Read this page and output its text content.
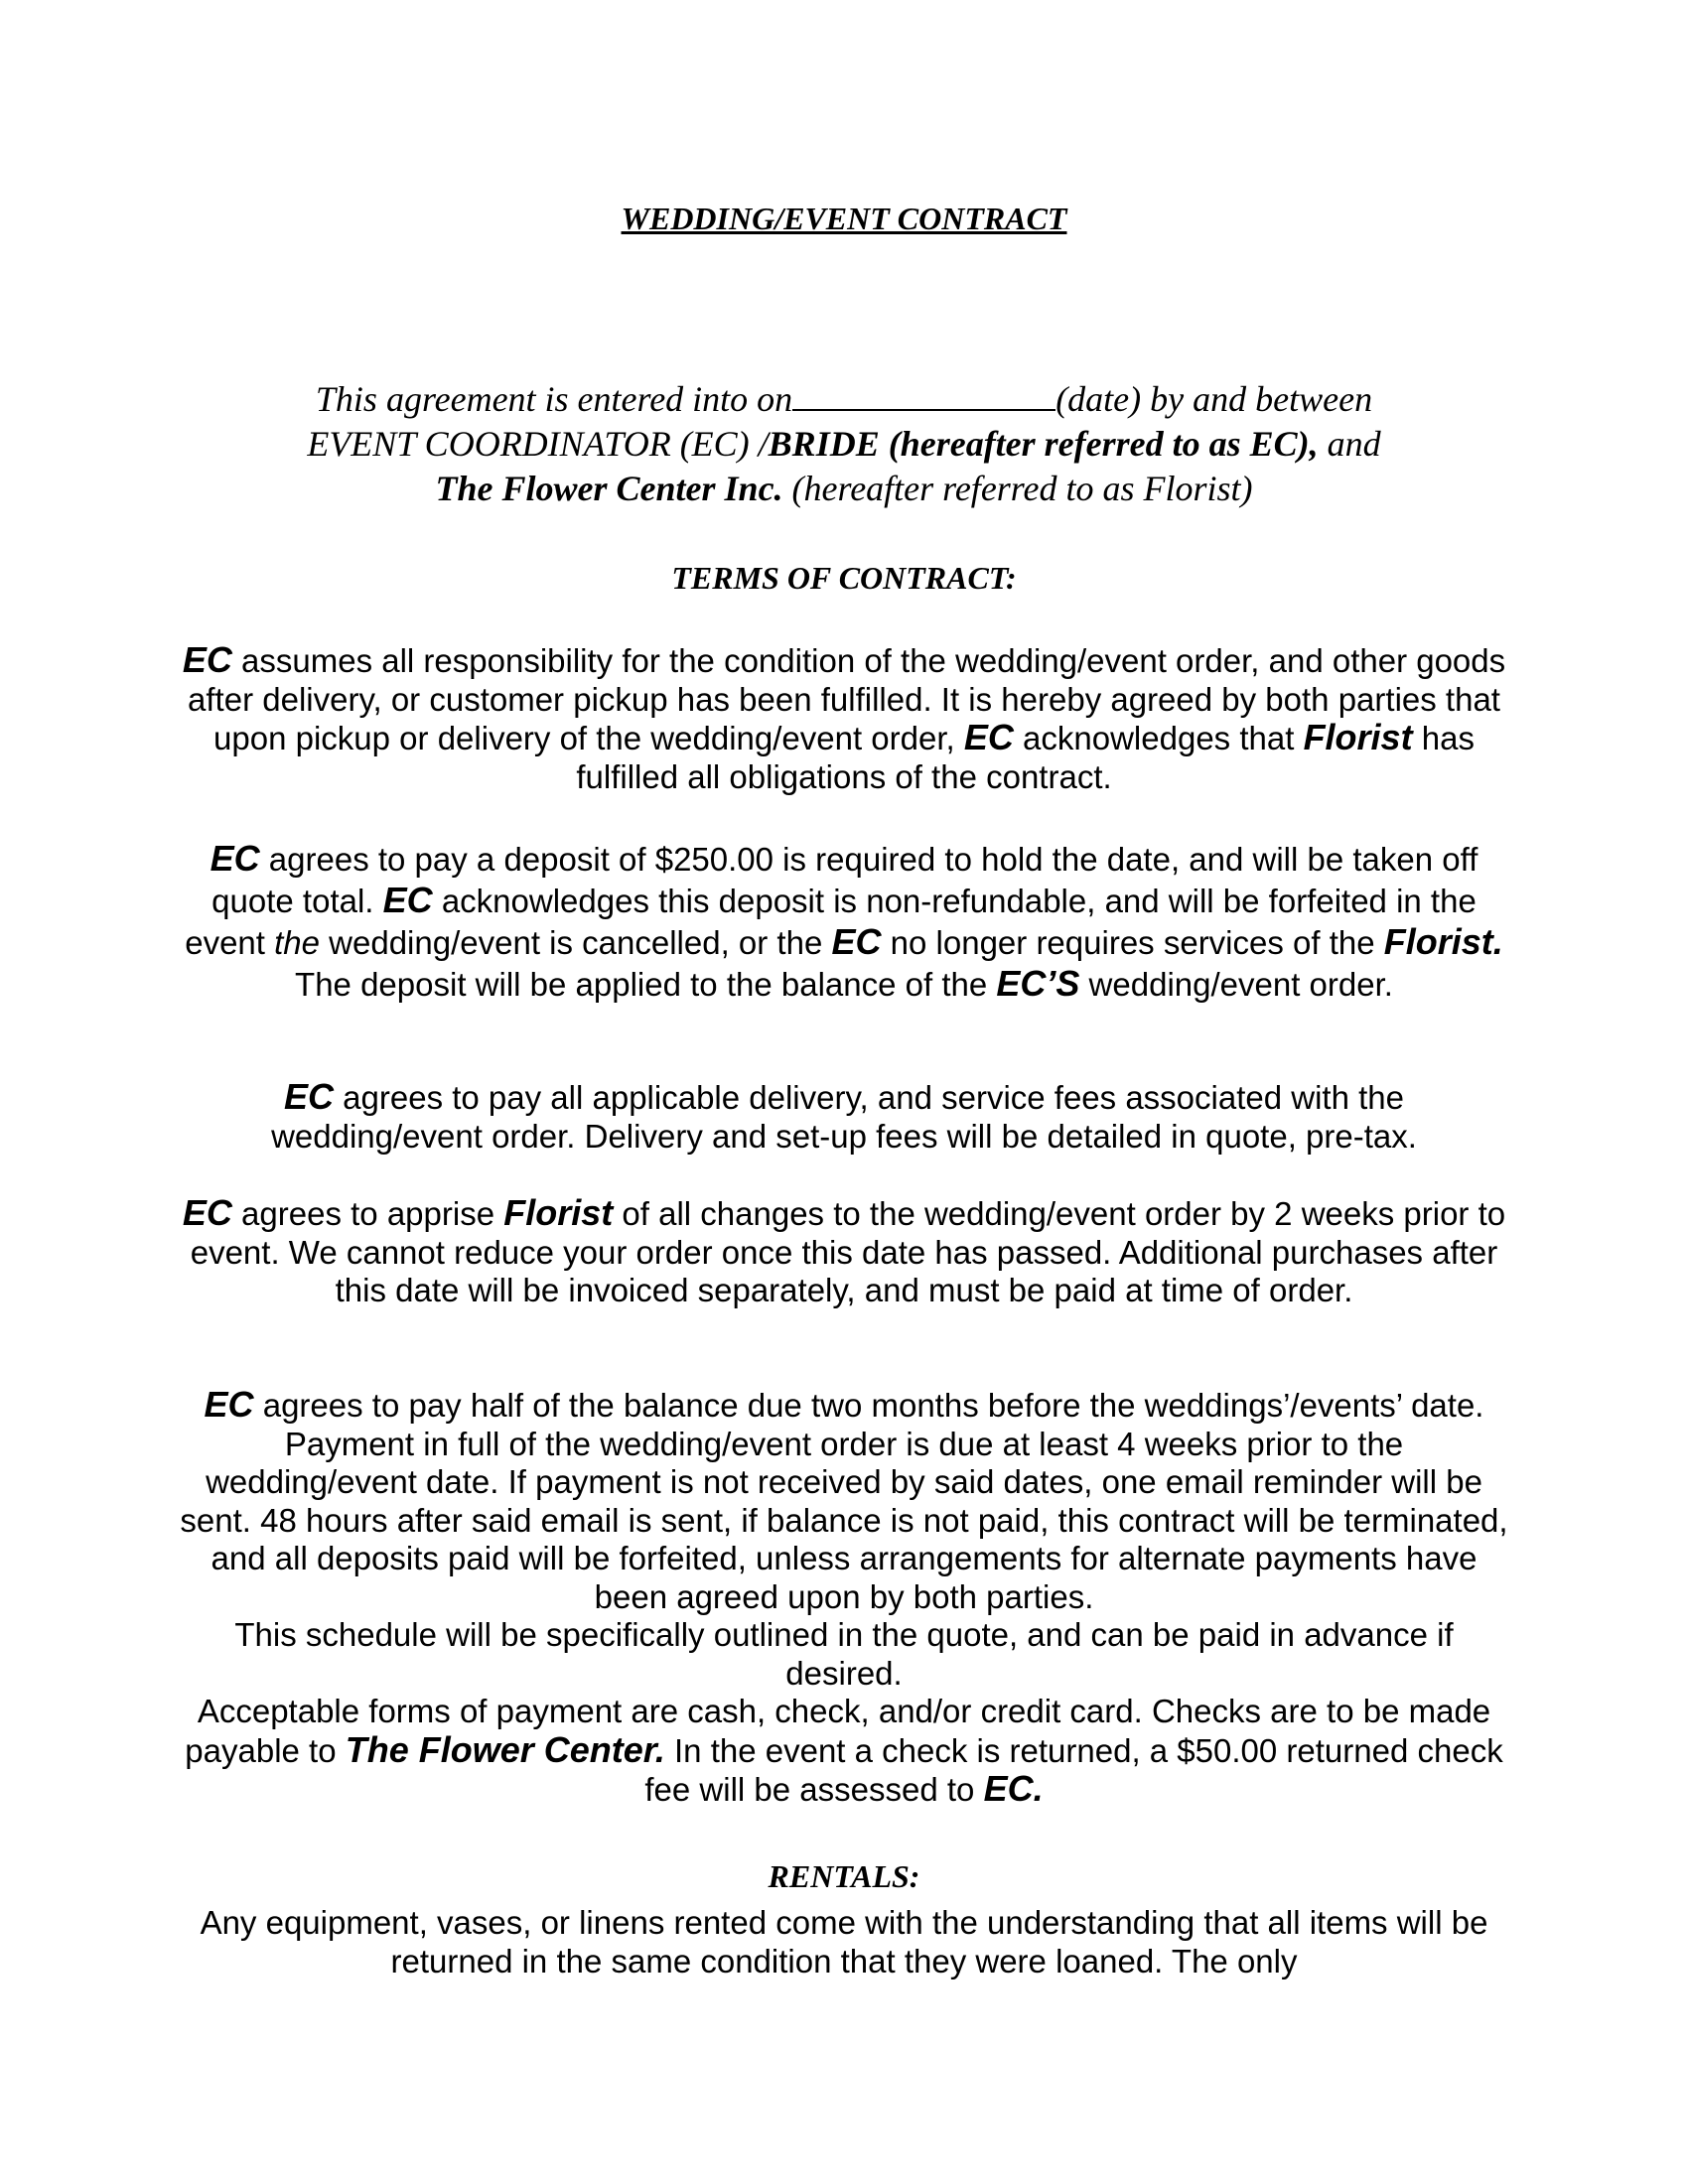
WEDDING/EVENT CONTRACT
This agreement is entered into on	(date) by and between
EVENT COORDINATOR (EC) /BRIDE (hereafter referred to as EC), and
The Flower Center Inc. (hereafter referred to as Florist)
TERMS OF CONTRACT:
EC assumes all responsibility for the condition of the wedding/event order, and other goods after delivery, or customer pickup has been fulfilled. It is hereby agreed by both parties that upon pickup or delivery of the wedding/event order, EC acknowledges that Florist has fulfilled all obligations of the contract.
EC agrees to pay a deposit of $250.00 is required to hold the date, and will be taken off quote total. EC acknowledges this deposit is non-refundable, and will be forfeited in the event the wedding/event is cancelled, or the EC no longer requires services of the Florist. The deposit will be applied to the balance of the EC’S wedding/event order.
EC agrees to pay all applicable delivery, and service fees associated with the wedding/event order. Delivery and set-up fees will be detailed in quote, pre-tax.
EC agrees to apprise Florist of all changes to the wedding/event order by 2 weeks prior to event. We cannot reduce your order once this date has passed. Additional purchases after this date will be invoiced separately, and must be paid at time of order.
EC agrees to pay half of the balance due two months before the weddings’/events’ date. Payment in full of the wedding/event order is due at least 4 weeks prior to the wedding/event date. If payment is not received by said dates, one email reminder will be sent. 48 hours after said email is sent, if balance is not paid, this contract will be terminated, and all deposits paid will be forfeited, unless arrangements for alternate payments have been agreed upon by both parties.
This schedule will be specifically outlined in the quote, and can be paid in advance if desired.
Acceptable forms of payment are cash, check, and/or credit card. Checks are to be made payable to The Flower Center. In the event a check is returned, a $50.00 returned check fee will be assessed to EC.
RENTALS:
Any equipment, vases, or linens rented come with the understanding that all items will be returned in the same condition that they were loaned. The only
